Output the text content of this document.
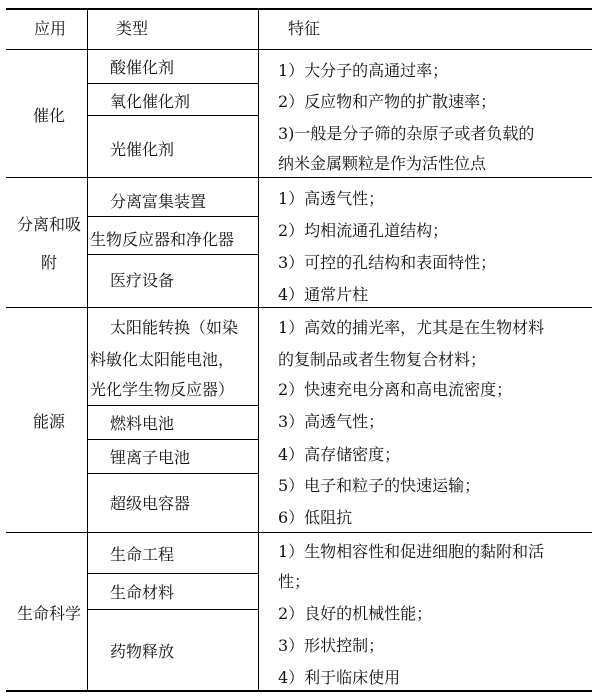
应用	类型	特征
催化
酸催化剂
氧化催化剂
光催化剂
1）大分子的高通过率；
2）反应物和产物的扩散速率；
3)一般是分子筛的杂原子或者负载的
纳米金属颗粒是作为活性位点
分离和吸
附
分离富集装置
生物反应器和净化器
医疗设备
1）高透气性；
2）均相流通孔道结构；
3）可控的孔结构和表面特性；
4）通常片柱
能源
太阳能转换（如染
料敏化太阳能电池，
光化学生物反应器）
燃料电池
锂离子电池
超级电容器
1）高效的捕光率，尤其是在生物材料
的复制品或者生物复合材料；
2）快速充电分离和高电流密度；
3）高透气性；
4）高存储密度；
5）电子和粒子的快速运输；
6）低阻抗
生命科学
生命工程
生命材料
药物释放
1）生物相容性和促进细胞的黏附和活
性；
2）良好的机械性能；
3）形状控制；
4）利于临床使用
